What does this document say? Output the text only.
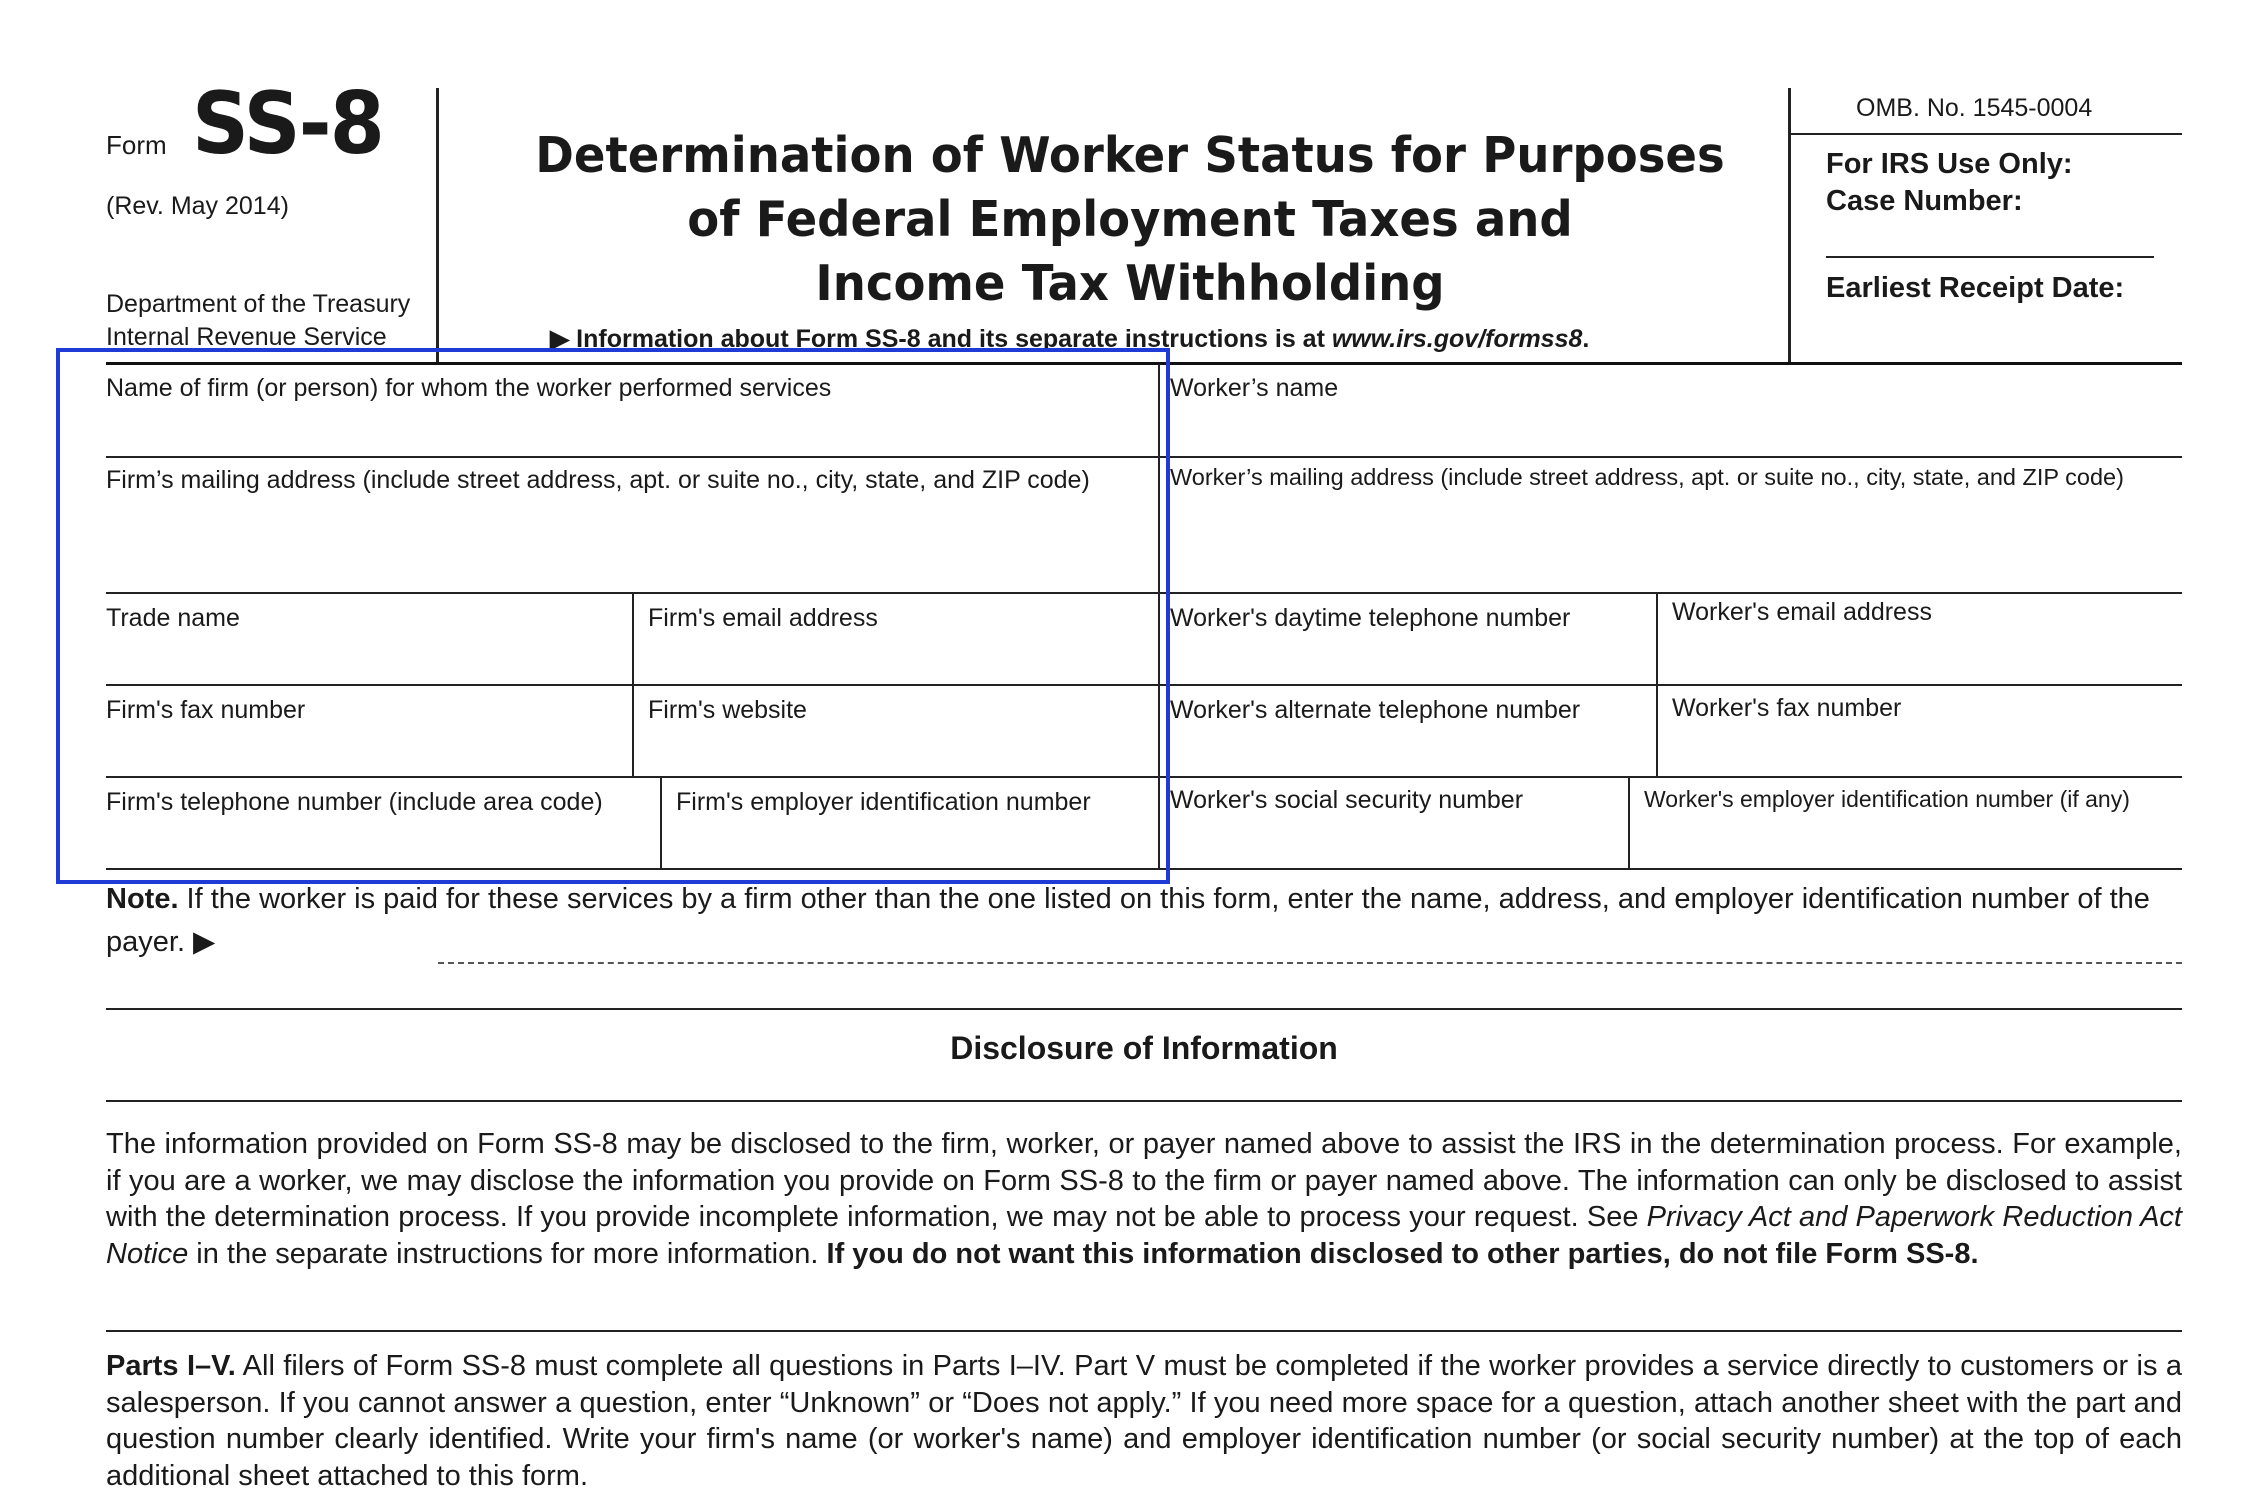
Form SS-8
(Rev. May 2014)
Department of the Treasury
Internal Revenue Service
Determination of Worker Status for Purposes
of Federal Employment Taxes and
Income Tax Withholding
▶ Information about Form SS-8 and its separate instructions is at www.irs.gov/formss8.
OMB. No. 1545-0004
For IRS Use Only:
Case Number:
Earliest Receipt Date:
Name of firm (or person) for whom the worker performed services
Firm’s mailing address (include street address, apt. or suite no., city, state, and ZIP code)
Trade name	Firm's email address
Firm's fax number	Firm's website
Firm's telephone number (include area code)	Firm's employer identification number
Worker’s name
Worker’s mailing address (include street address, apt. or suite no., city, state, and ZIP code)
Worker's daytime telephone number	Worker's email address
Worker's alternate telephone number	Worker's fax number
Worker's social security number	Worker's employer identification number (if any)
Note. If the worker is paid for these services by a firm other than the one listed on this form, enter the name, address, and employer identification number of the payer. ▶
Disclosure of Information
The information provided on Form SS-8 may be disclosed to the firm, worker, or payer named above to assist the IRS in the determination process. For example, if you are a worker, we may disclose the information you provide on Form SS-8 to the firm or payer named above. The information can only be disclosed to assist with the determination process. If you provide incomplete information, we may not be able to process your request. See Privacy Act and Paperwork Reduction Act Notice in the separate instructions for more information. If you do not want this information disclosed to other parties, do not file Form SS-8.
Parts I–V. All filers of Form SS-8 must complete all questions in Parts I–IV. Part V must be completed if the worker provides a service directly to customers or is a salesperson. If you cannot answer a question, enter “Unknown” or “Does not apply.” If you need more space for a question, attach another sheet with the part and question number clearly identified. Write your firm's name (or worker's name) and employer identification number (or social security number) at the top of each additional sheet attached to this form.
